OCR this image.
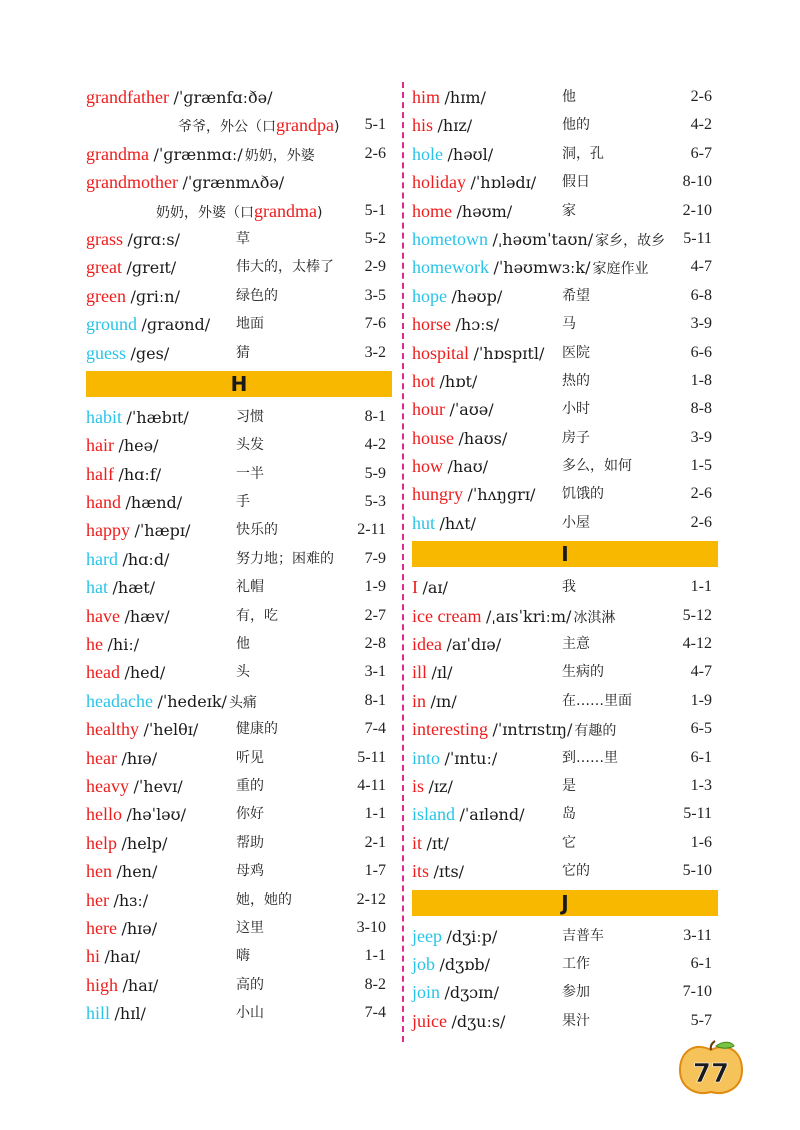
grandfather /ˈɡrænfɑːðə/
爷爷，外公（口grandpa) 5-1
grandma /ˈɡrænmɑː/ 奶奶，外婆	2-6
grandmother /ˈɡrænmʌðə/
奶奶，外婆（口grandma)	5-1
grass /ɡrɑːs/	草	5-2
great /ɡreɪt/	伟大的，太棒了 2-9
green /ɡriːn/	绿色的	3-5
ground /ɡraʊnd/ 地面	7-6
guess /ges/	猜	3-2
H
habit /ˈhæbɪt/	习惯	8-1
hair /heə/	头发	4-2
half /hɑːf/	一半	5-9
hand /hænd/	手	5-3
happy /ˈhæpɪ/	快乐的	2-11
hard /hɑːd/	努力地；困难的 7-9
hat /hæt/	礼帽	1-9
have /hæv/	有，吃	2-7
he /hiː/	他	2-8
head /hed/	头	3-1
headache /ˈhedeɪk/ 头痛	8-1
healthy /ˈhelθɪ/	健康的	7-4
hear /hɪə/	听见	5-11
heavy /ˈhevɪ/	重的	4-11
hello /həˈləʊ/	你好	1-1
help /help/	帮助	2-1
hen /hen/	母鸡	1-7
her /hɜː/	她，她的	2-12
here /hɪə/	这里	3-10
hi /haɪ/	嗨	1-1
high /haɪ/	高的	8-2
hill /hɪl/	小山	7-4
him /hɪm/	他	2-6
his /hɪz/	他的	4-2
hole /həʊl/	洞，孔	6-7
holiday /ˈhɒlədɪ/ 假日	8-10
home /həʊm/	家	2-10
hometown /ˌhəʊmˈtaʊn/ 家乡，故乡 5-11
homework /ˈhəʊmwɜːk/ 家庭作业	4-7
hope /həʊp/	希望	6-8
horse /hɔːs/	马	3-9
hospital /ˈhɒspɪtl/ 医院	6-6
hot /hɒt/	热的	1-8
hour /ˈaʊə/	小时	8-8
house /haʊs/	房子	3-9
how /haʊ/	多么，如何	1-5
hungry /ˈhʌŋɡrɪ/ 饥饿的	2-6
hut /hʌt/	小屋	2-6
I
I /aɪ/	我	1-1
ice cream /ˌaɪsˈkriːm/ 冰淇淋	5-12
idea /aɪˈdɪə/	主意	4-12
ill /ɪl/	生病的	4-7
in /ɪn/	在……里面	1-9
interesting /ˈɪntrɪstɪŋ/ 有趣的	6-5
into /ˈɪntuː/	到……里	6-1
is /ɪz/	是	1-3
island /ˈaɪlənd/	岛	5-11
it /ɪt/	它	1-6
its /ɪts/	它的	5-10
J
jeep /dʒiːp/	吉普车	3-11
job /dʒɒb/	工作	6-1
join /dʒɔɪn/	参加	7-10
juice /dʒuːs/	果汁	5-7
77
